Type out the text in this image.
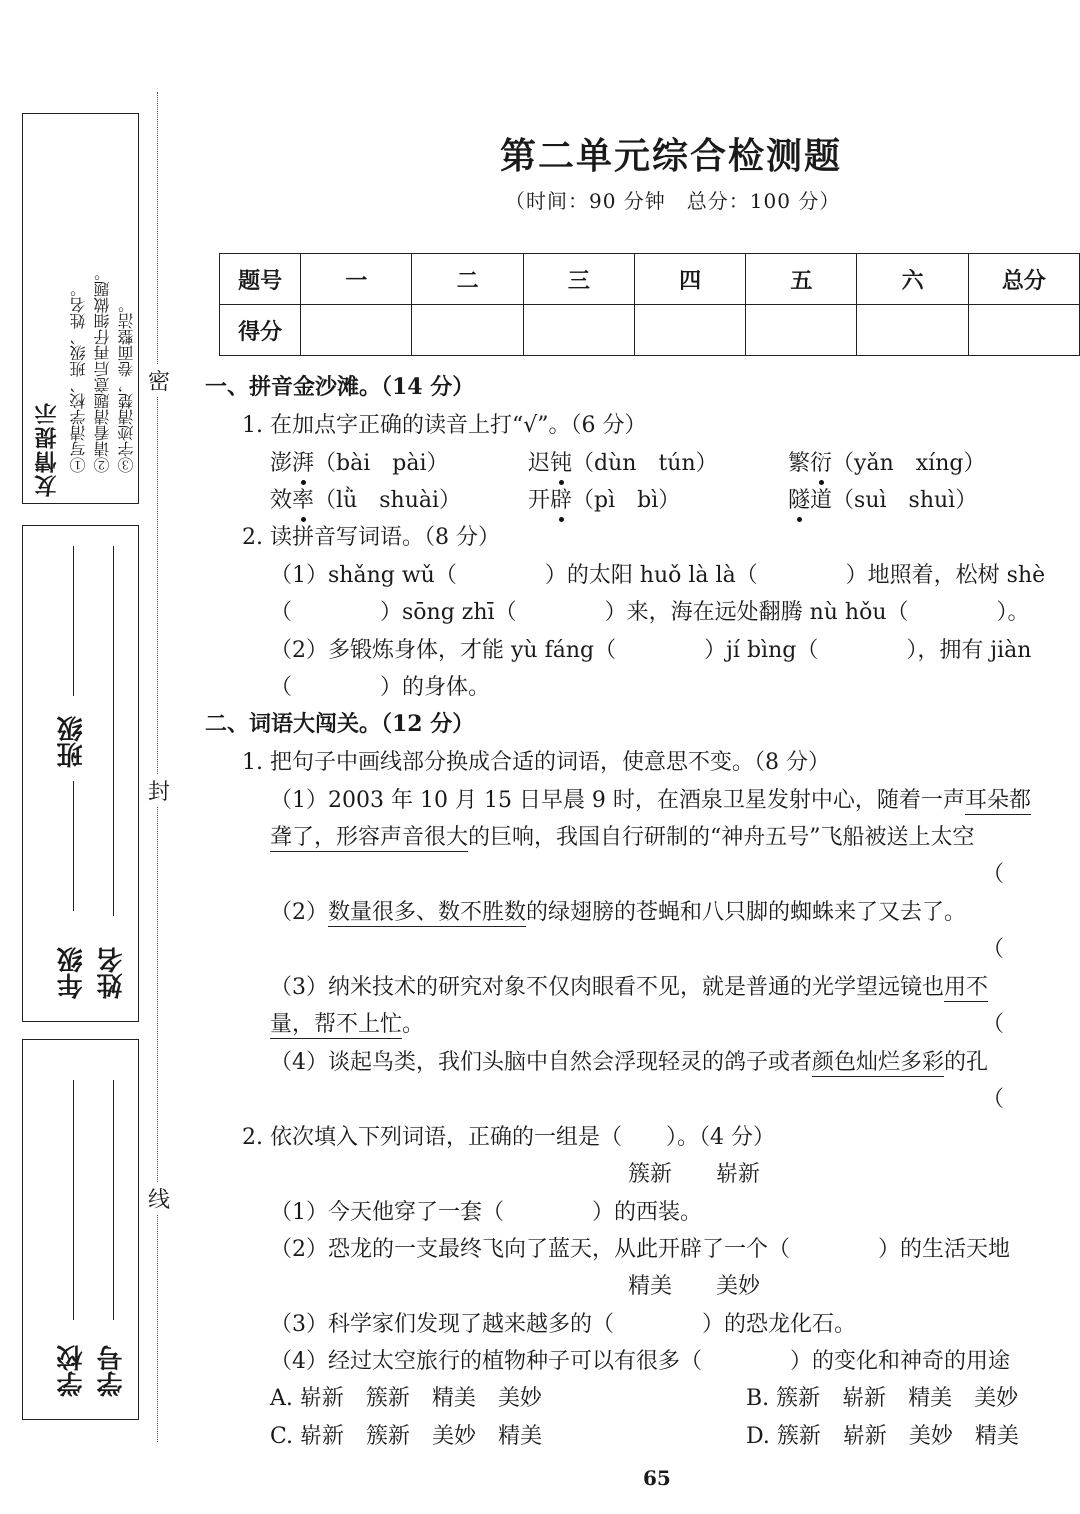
友情提示 ①写清学校、班级、姓名。 ②请看清题意后再仔细做题。 ③字迹清楚，卷面整洁。
年级
班级
姓名
学校 学号
密
封
线
第二单元综合检测题
（时间：90 分钟　总分：100 分）
题号	一	二	三	四	五	六	总分
得分							
一、拼音金沙滩。（14 分）
1. 在加点字正确的读音上打“√”。（6 分）
澎湃（bài　pài）	迟钝（dùn　tún）	繁衍（yǎn　xíng）
效率（lǜ　shuài）	开辟（pì　bì）	隧道（suì　shuì）
2. 读拼音写词语。（8 分）
（1）shǎng wǔ（　　　　）的太阳 huǒ là là（　　　　）地照着，松树 shè
（　　　　）sōng zhī（　　　　）来，海在远处翻腾 nù hǒu（　　　　）。
（2）多锻炼身体，才能 yù fáng（　　　　）jí bìng（　　　　），拥有 jiàn
（　　　　）的身体。
二、词语大闯关。（12 分）
1. 把句子中画线部分换成合适的词语，使意思不变。（8 分）
（1）2003 年 10 月 15 日早晨 9 时，在酒泉卫星发射中心，随着一声耳朵都
聋了，形容声音很大的巨响，我国自行研制的“神舟五号”飞船被送上太空
（
（2）数量很多、数不胜数的绿翅膀的苍蝇和八只脚的蜘蛛来了又去了。
（
（3）纳米技术的研究对象不仅肉眼看不见，就是普通的光学望远镜也用不
量，帮不上忙。	（
（4）谈起鸟类，我们头脑中自然会浮现轻灵的鸽子或者颜色灿烂多彩的孔
（
2. 依次填入下列词语，正确的一组是（　　）。（4 分）
簇新　　崭新
（1）今天他穿了一套（　　　　）的西装。
（2）恐龙的一支最终飞向了蓝天，从此开辟了一个（　　　　）的生活天地
精美　　美妙
（3）科学家们发现了越来越多的（　　　　）的恐龙化石。
（4）经过太空旅行的植物种子可以有很多（　　　　）的变化和神奇的用途
A. 崭新　簇新　精美　美妙	B. 簇新　崭新　精美　美妙
C. 崭新　簇新　美妙　精美	D. 簇新　崭新　美妙　精美
65
